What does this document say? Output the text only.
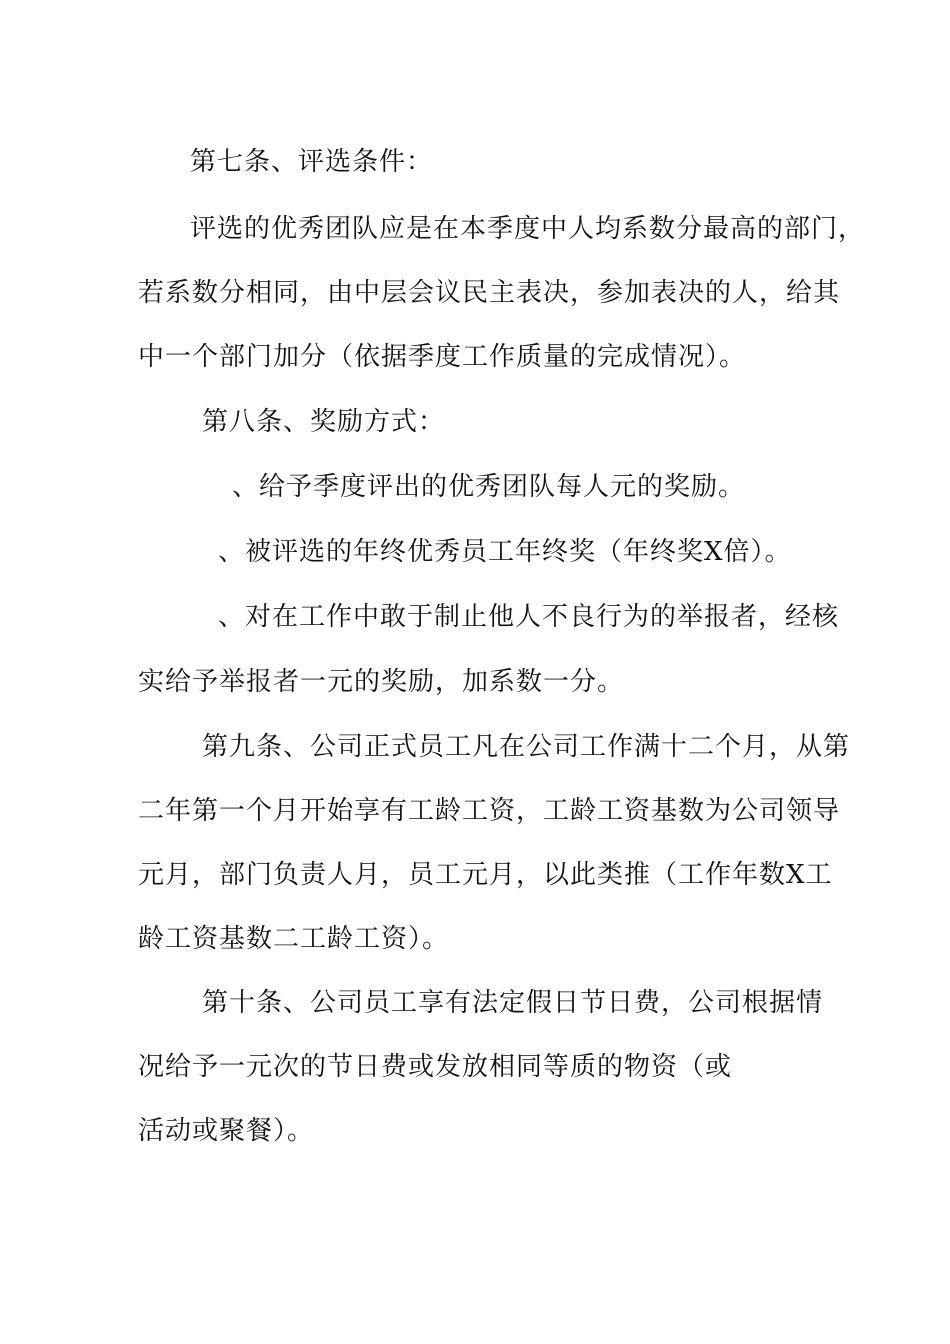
第七条、评选条件：
评选的优秀团队应是在本季度中人均系数分最高的部门，
若系数分相同，由中层会议民主表决，参加表决的人，给其
中一个部门加分（依据季度工作质量的完成情况）。
第八条、奖励方式：
、给予季度评出的优秀团队每人元的奖励。
、被评选的年终优秀员工年终奖（年终奖X倍）。
、对在工作中敢于制止他人不良行为的举报者，经核
实给予举报者一元的奖励，加系数一分。
第九条、公司正式员工凡在公司工作满十二个月，从第
二年第一个月开始享有工龄工资，工龄工资基数为公司领导
元月，部门负责人月，员工元月，以此类推（工作年数X工
龄工资基数二工龄工资）。
第十条、公司员工享有法定假日节日费，公司根据情
况给予一元次的节日费或发放相同等质的物资（或
活动或聚餐）。
